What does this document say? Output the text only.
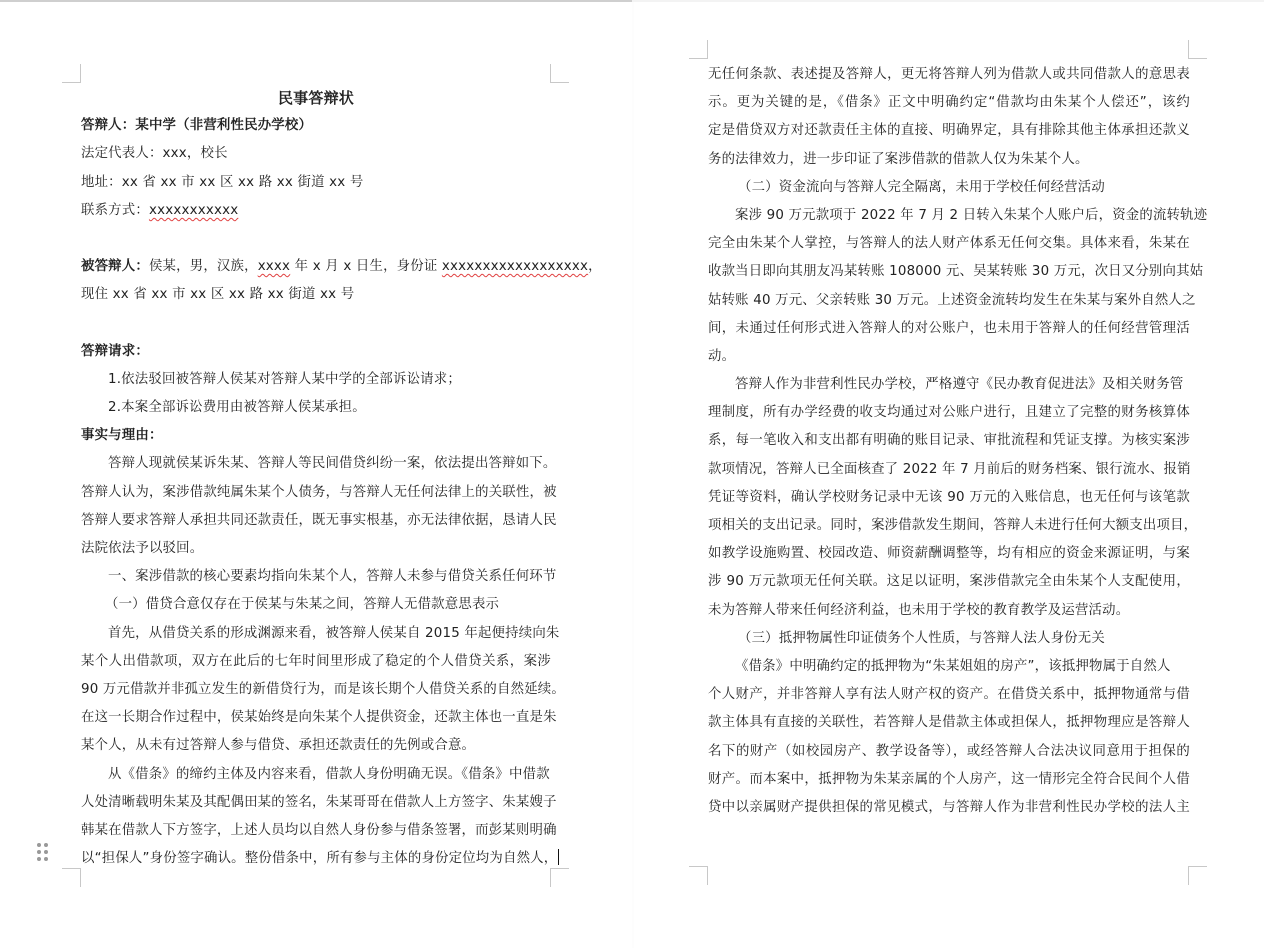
民事答辩状
答辩人：某中学（非营利性民办学校）
法定代表人：xxx，校长
地址：xx 省 xx 市 xx 区 xx 路 xx 街道 xx 号
联系方式：xxxxxxxxxxx
被答辩人：侯某，男，汉族，xxxx 年 x 月 x 日生，身份证 xxxxxxxxxxxxxxxxxx，
现住 xx 省 xx 市 xx 区 xx 路 xx 街道 xx 号
答辩请求：
1.依法驳回被答辩人侯某对答辩人某中学的全部诉讼请求；
2.本案全部诉讼费用由被答辩人侯某承担。
事实与理由：
答辩人现就侯某诉朱某、答辩人等民间借贷纠纷一案，依法提出答辩如下。
答辩人认为，案涉借款纯属朱某个人债务，与答辩人无任何法律上的关联性，被
答辩人要求答辩人承担共同还款责任，既无事实根基，亦无法律依据，恳请人民
法院依法予以驳回。
一、案涉借款的核心要素均指向朱某个人，答辩人未参与借贷关系任何环节
（一）借贷合意仅存在于侯某与朱某之间，答辩人无借款意思表示
首先，从借贷关系的形成渊源来看，被答辩人侯某自 2015 年起便持续向朱
某个人出借款项，双方在此后的七年时间里形成了稳定的个人借贷关系，案涉
90 万元借款并非孤立发生的新借贷行为，而是该长期个人借贷关系的自然延续。
在这一长期合作过程中，侯某始终是向朱某个人提供资金，还款主体也一直是朱
某个人，从未有过答辩人参与借贷、承担还款责任的先例或合意。
从《借条》的缔约主体及内容来看，借款人身份明确无误。《借条》中借款
人处清晰载明朱某及其配偶田某的签名，朱某哥哥在借款人上方签字、朱某嫂子
韩某在借款人下方签字，上述人员均以自然人身份参与借条签署，而彭某则明确
以“担保人”身份签字确认。整份借条中，所有参与主体的身份定位均为自然人，
无任何条款、表述提及答辩人，更无将答辩人列为借款人或共同借款人的意思表
示。更为关键的是，《借条》正文中明确约定“借款均由朱某个人偿还”，该约
定是借贷双方对还款责任主体的直接、明确界定，具有排除其他主体承担还款义
务的法律效力，进一步印证了案涉借款的借款人仅为朱某个人。
（二）资金流向与答辩人完全隔离，未用于学校任何经营活动
案涉 90 万元款项于 2022 年 7 月 2 日转入朱某个人账户后，资金的流转轨迹
完全由朱某个人掌控，与答辩人的法人财产体系无任何交集。具体来看，朱某在
收款当日即向其朋友冯某转账 108000 元、吴某转账 30 万元，次日又分别向其姑
姑转账 40 万元、父亲转账 30 万元。上述资金流转均发生在朱某与案外自然人之
间，未通过任何形式进入答辩人的对公账户，也未用于答辩人的任何经营管理活
动。
答辩人作为非营利性民办学校，严格遵守《民办教育促进法》及相关财务管
理制度，所有办学经费的收支均通过对公账户进行，且建立了完整的财务核算体
系，每一笔收入和支出都有明确的账目记录、审批流程和凭证支撑。为核实案涉
款项情况，答辩人已全面核查了 2022 年 7 月前后的财务档案、银行流水、报销
凭证等资料，确认学校财务记录中无该 90 万元的入账信息，也无任何与该笔款
项相关的支出记录。同时，案涉借款发生期间，答辩人未进行任何大额支出项目，
如教学设施购置、校园改造、师资薪酬调整等，均有相应的资金来源证明，与案
涉 90 万元款项无任何关联。这足以证明，案涉借款完全由朱某个人支配使用，
未为答辩人带来任何经济利益，也未用于学校的教育教学及运营活动。
（三）抵押物属性印证债务个人性质，与答辩人法人身份无关
《借条》中明确约定的抵押物为“朱某姐姐的房产”，该抵押物属于自然人
个人财产，并非答辩人享有法人财产权的资产。在借贷关系中，抵押物通常与借
款主体具有直接的关联性，若答辩人是借款主体或担保人，抵押物理应是答辩人
名下的财产（如校园房产、教学设备等），或经答辩人合法决议同意用于担保的
财产。而本案中，抵押物为朱某亲属的个人房产，这一情形完全符合民间个人借
贷中以亲属财产提供担保的常见模式，与答辩人作为非营利性民办学校的法人主
